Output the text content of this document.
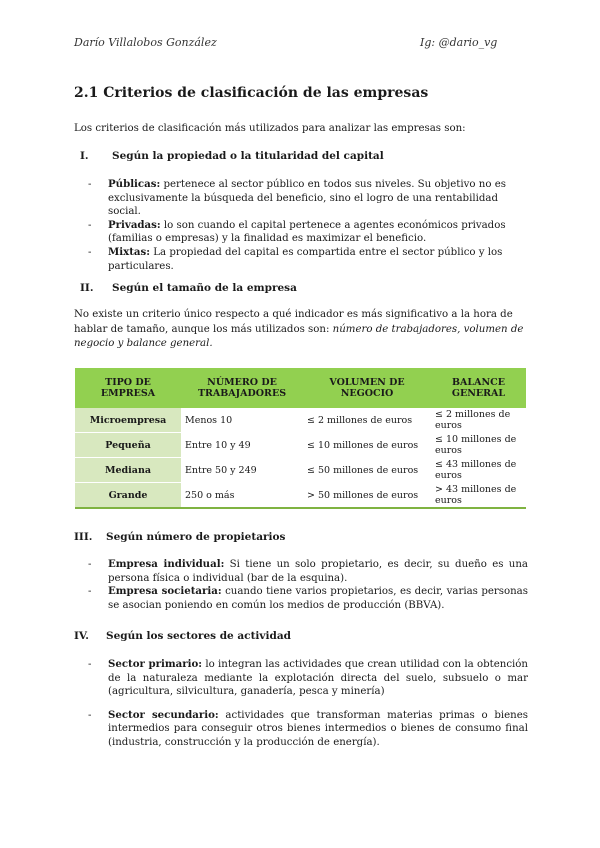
Darío Villalobos González	Ig: @dario_vg
2.1 Criterios de clasificación de las empresas

Los criterios de clasificación más utilizados para analizar las empresas son:

I. Según la propiedad o la titularidad del capital
- Públicas: pertenece al sector público en todos sus niveles. Su objetivo no es exclusivamente la búsqueda del beneficio, sino el logro de una rentabilidad social.
- Privadas: lo son cuando el capital pertenece a agentes económicos privados (familias o empresas) y la finalidad es maximizar el beneficio.
- Mixtas: La propiedad del capital es compartida entre el sector público y los particulares.
II. Según el tamaño de la empresa

No existe un criterio único respecto a qué indicador es más significativo a la hora de hablar de tamaño, aunque los más utilizados son: número de trabajadores, volumen de negocio y balance general.

TIPO DE EMPRESA	NÚMERO DE TRABAJADORES	VOLUMEN DE NEGOCIO	BALANCE GENERAL
Microempresa	Menos 10	≤ 2 millones de euros	≤ 2 millones de euros
Pequeña	Entre 10 y 49	≤ 10 millones de euros	≤ 10 millones de euros
Mediana	Entre 50 y 249	≤ 50 millones de euros	≤ 43 millones de euros
Grande	250 o más	> 50 millones de euros	> 43 millones de euros
III. Según número de propietarios
- Empresa individual: Si tiene un solo propietario, es decir, su dueño es una persona física o individual (bar de la esquina).
- Empresa societaria: cuando tiene varios propietarios, es decir, varias personas se asocian poniendo en común los medios de producción (BBVA).
IV. Según los sectores de actividad
- Sector primario: lo integran las actividades que crean utilidad con la obtención de la naturaleza mediante la explotación directa del suelo, subsuelo o mar (agricultura, silvicultura, ganadería, pesca y minería)
- Sector secundario: actividades que transforman materias primas o bienes intermedios para conseguir otros bienes intermedios o bienes de consumo final (industria, construcción y la producción de energía).
